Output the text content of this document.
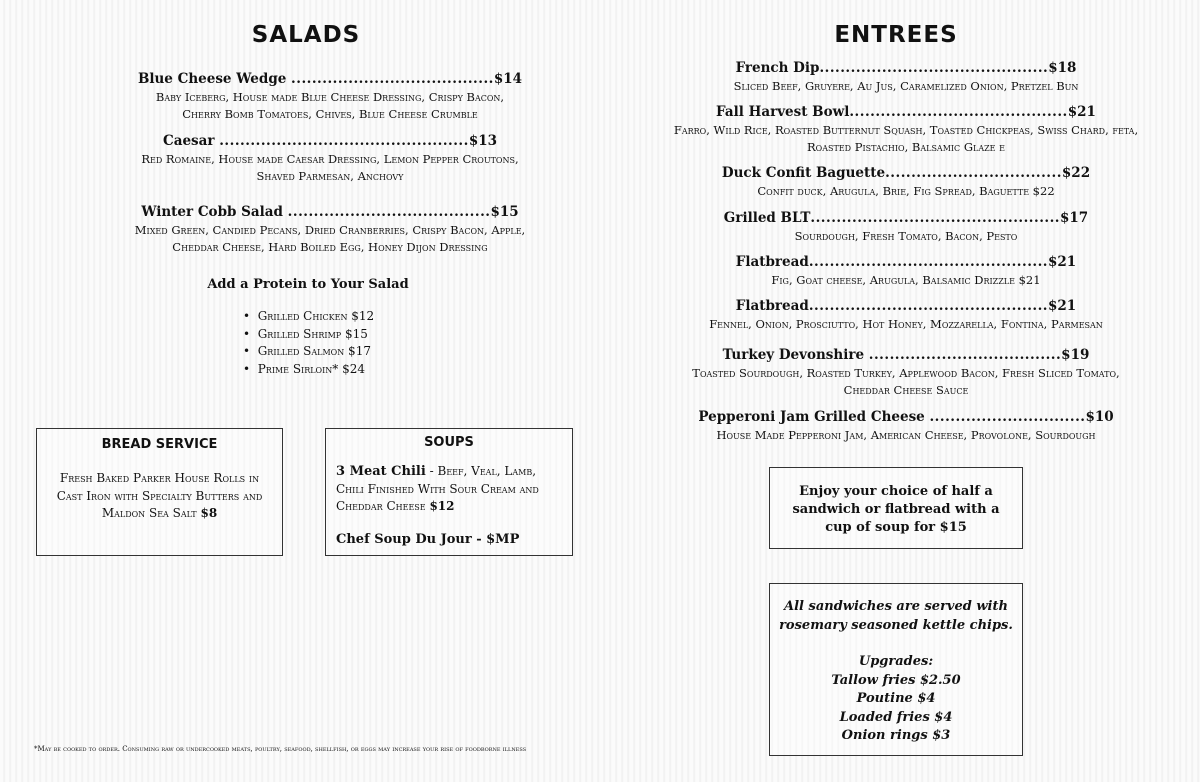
SALADS
Blue Cheese Wedge .......................................$14
Baby Iceberg, House made Blue Cheese Dressing, Crispy Bacon,
Cherry Bomb Tomatoes, Chives, Blue Cheese Crumble
Caesar ................................................$13
Red Romaine, House made Caesar Dressing, Lemon Pepper Croutons,
Shaved Parmesan, Anchovy
Winter Cobb Salad .......................................$15
Mixed Green, Candied Pecans, Dried Cranberries, Crispy Bacon, Apple,
Cheddar Cheese, Hard Boiled Egg, Honey Dijon Dressing
Add a Protein to Your Salad
•  Grilled Chicken $12
•  Grilled Shrimp $15
•  Grilled Salmon $17
•  Prime Sirloin* $24
BREAD SERVICE
Fresh Baked Parker House Rolls in
Cast Iron with Specialty Butters and
Maldon Sea Salt $8
SOUPS
3 Meat Chili - Beef, Veal, Lamb,
Chili Finished With Sour Cream and
Cheddar Cheese $12
Chef Soup Du Jour - $MP
ENTREES
French Dip............................................$18
Sliced Beef, Gruyere, Au Jus, Caramelized Onion, Pretzel Bun
Fall Harvest Bowl..........................................$21
Farro, Wild Rice, Roasted Butternut Squash, Toasted Chickpeas, Swiss Chard, feta,
Roasted Pistachio, Balsamic Glaze e
Duck Confit Baguette..................................$22
Confit duck, Arugula, Brie, Fig Spread, Baguette $22
Grilled BLT................................................$17
Sourdough, Fresh Tomato, Bacon, Pesto
Flatbread..............................................$21
Fig, Goat cheese, Arugula, Balsamic Drizzle $21
Flatbread..............................................$21
Fennel, Onion, Prosciutto, Hot Honey, Mozzarella, Fontina, Parmesan
Turkey Devonshire .....................................$19
Toasted Sourdough, Roasted Turkey, Applewood Bacon, Fresh Sliced Tomato,
Cheddar Cheese Sauce
Pepperoni Jam Grilled Cheese ..............................$10
House Made Pepperoni Jam, American Cheese, Provolone, Sourdough
Enjoy your choice of half a
sandwich or flatbread with a
cup of soup for $15

All sandwiches are served with

rosemary seasoned kettle chips.

Upgrades:

Tallow fries $2.50

Poutine $4

Loaded fries $4

Onion rings $3

*May be cooked to order. Consuming raw or undercooked meats, poultry, seafood, shellfish, or eggs may increase your rise of foodborne illness
